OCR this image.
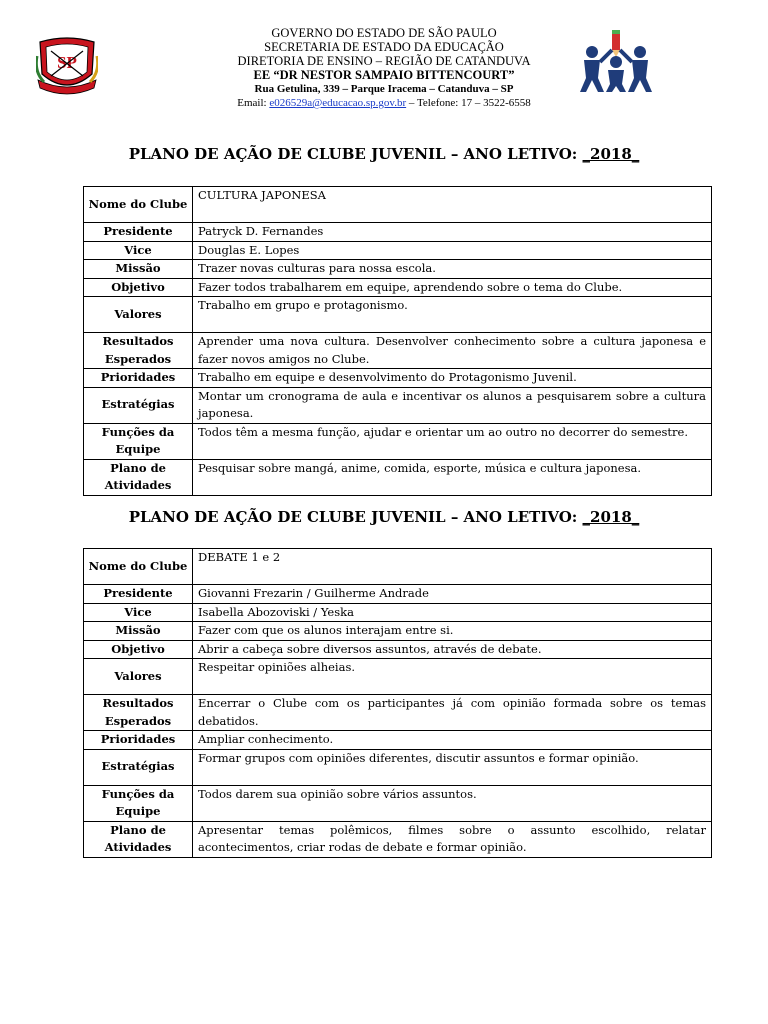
SP
GOVERNO DO ESTADO DE SÃO PAULO
SECRETARIA DE ESTADO DA EDUCAÇÃO
DIRETORIA DE ENSINO – REGIÃO DE CATANDUVA
EE “DR NESTOR SAMPAIO BITTENCOURT”
Rua Getulina, 339 – Parque Iracema – Catanduva – SP
Email: e026529a@educacao.sp.gov.br – Telefone: 17 – 3522-6558
PLANO DE AÇÃO DE CLUBE JUVENIL – ANO LETIVO: _2018_
Nome do Clube	CULTURA JAPONESA
Presidente	Patryck D. Fernandes
Vice	Douglas E. Lopes
Missão	Trazer novas culturas para nossa escola.
Objetivo	Fazer todos trabalharem em equipe, aprendendo sobre o tema do Clube.
Valores	Trabalho em grupo e protagonismo.
Resultados Esperados	Aprender uma nova cultura. Desenvolver conhecimento sobre a cultura japonesa e fazer novos amigos no Clube.
Prioridades	Trabalho em equipe e desenvolvimento do Protagonismo Juvenil.
Estratégias	Montar um cronograma de aula e incentivar os alunos a pesquisarem sobre a cultura japonesa.
Funções da Equipe	Todos têm a mesma função, ajudar e orientar um ao outro no decorrer do semestre.
Plano de Atividades	Pesquisar sobre mangá, anime, comida, esporte, música e cultura japonesa.
PLANO DE AÇÃO DE CLUBE JUVENIL – ANO LETIVO: _2018_
Nome do Clube	DEBATE 1 e 2
Presidente	Giovanni Frezarin / Guilherme Andrade
Vice	Isabella Abozoviski / Yeska
Missão	Fazer com que os alunos interajam entre si.
Objetivo	Abrir a cabeça sobre diversos assuntos, através de debate.
Valores	Respeitar opiniões alheias.
Resultados Esperados	Encerrar o Clube com os participantes já com opinião formada sobre os temas debatidos.
Prioridades	Ampliar conhecimento.
Estratégias	Formar grupos com opiniões diferentes, discutir assuntos e formar opinião.
Funções da Equipe	Todos darem sua opinião sobre vários assuntos.
Plano de Atividades	Apresentar temas polêmicos, filmes sobre o assunto escolhido, relatar acontecimentos, criar rodas de debate e formar opinião.
